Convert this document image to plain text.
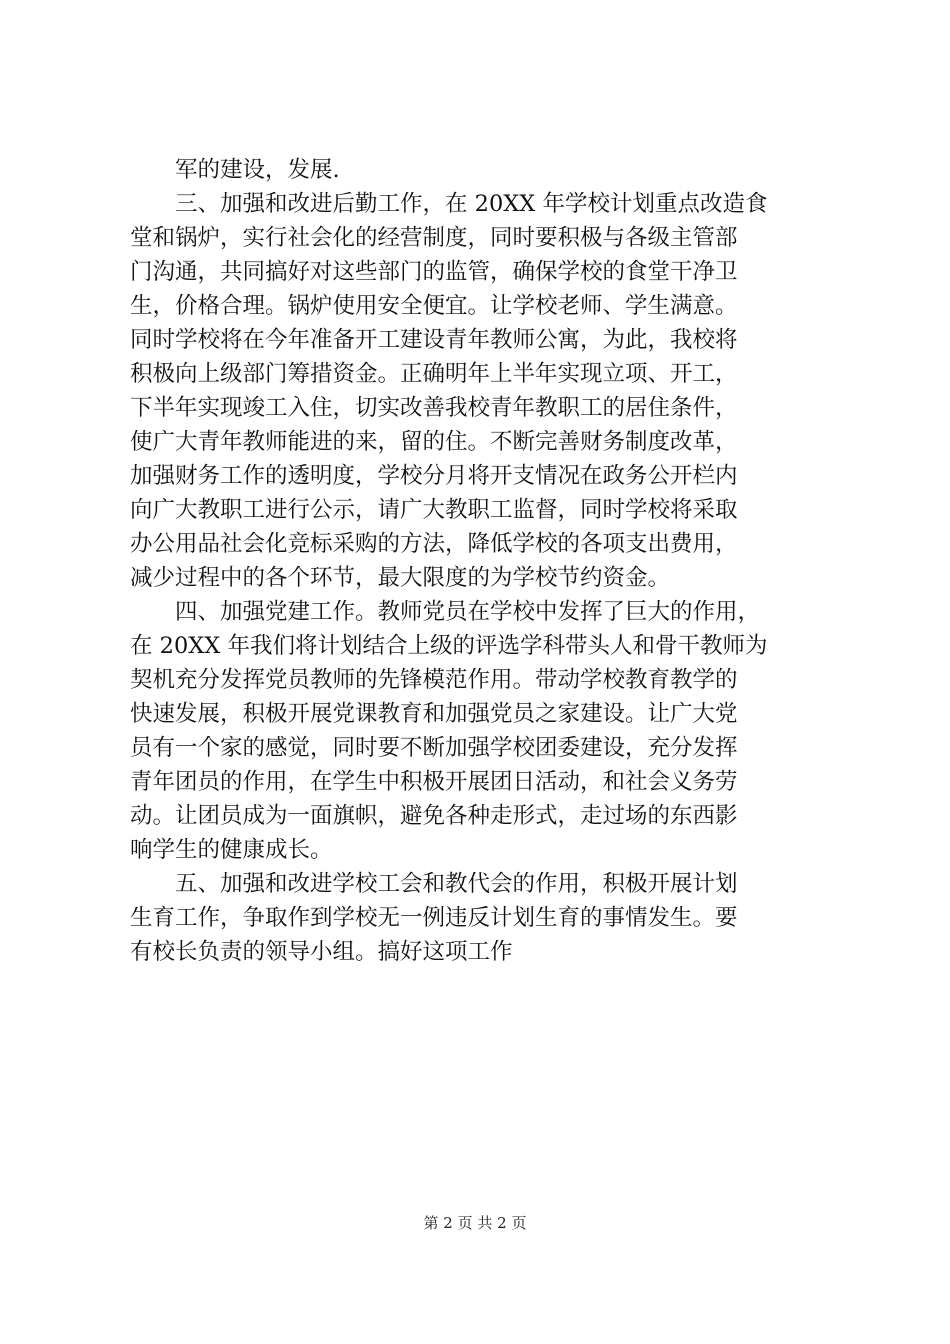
军的建设，发展.
三、加强和改进后勤工作，在 20XX 年学校计划重点改造食
堂和锅炉，实行社会化的经营制度，同时要积极与各级主管部
门沟通，共同搞好对这些部门的监管，确保学校的食堂干净卫
生，价格合理。锅炉使用安全便宜。让学校老师、学生满意。
同时学校将在今年准备开工建设青年教师公寓，为此，我校将
积极向上级部门筹措资金。正确明年上半年实现立项、开工，
下半年实现竣工入住，切实改善我校青年教职工的居住条件，
使广大青年教师能进的来，留的住。不断完善财务制度改革，
加强财务工作的透明度，学校分月将开支情况在政务公开栏内
向广大教职工进行公示，请广大教职工监督，同时学校将采取
办公用品社会化竞标采购的方法，降低学校的各项支出费用，
减少过程中的各个环节，最大限度的为学校节约资金。
四、加强党建工作。教师党员在学校中发挥了巨大的作用，
在 20XX 年我们将计划结合上级的评选学科带头人和骨干教师为
契机充分发挥党员教师的先锋模范作用。带动学校教育教学的
快速发展，积极开展党课教育和加强党员之家建设。让广大党
员有一个家的感觉，同时要不断加强学校团委建设，充分发挥
青年团员的作用，在学生中积极开展团日活动，和社会义务劳
动。让团员成为一面旗帜，避免各种走形式，走过场的东西影
响学生的健康成长。
五、加强和改进学校工会和教代会的作用，积极开展计划
生育工作，争取作到学校无一例违反计划生育的事情发生。要
有校长负责的领导小组。搞好这项工作
第 2 页 共 2 页
